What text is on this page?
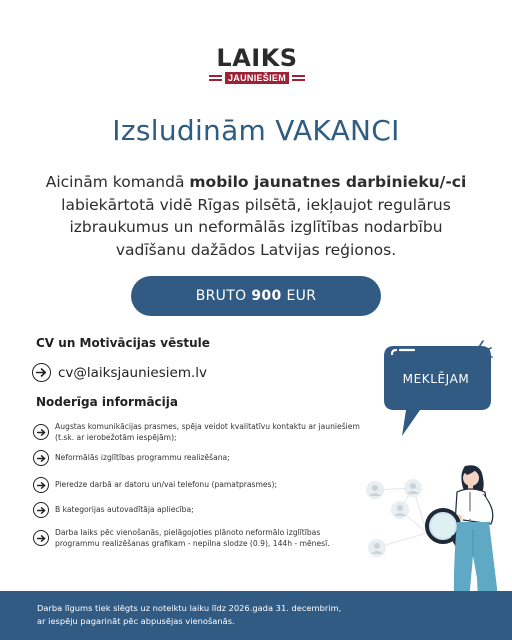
LAIKS
JAUNIEŠIEM
Izsludinām VAKANCI
Aicinām komandā mobilo jaunatnes darbinieku/-ci labiekārtotā vidē Rīgas pilsētā, iekļaujot regulārus izbraukumus un neformālās izglītības nodarbību vadīšanu dažādos Latvijas reģionos.
BRUTO 900 EUR
CV un Motivācijas vēstule
cv@laiksjauniesiem.lv
Noderīga informācija
Augstas komunikācijas prasmes, spēja veidot kvalitatīvu kontaktu ar jauniešiem (t.sk. ar ierobežotām iespējām);
Neformālās izglītības programmu realizēšana;
Pieredze darbā ar datoru un/vai telefonu (pamatprasmes);
B kategorijas autovadītāja apliecība;
Darba laiks pēc vienošanās, pielāgojoties plānoto neformālo izglītības programmu realizēšanas grafikam - nepilna slodze (0.9), 144h - mēnesī.
MEKLĒJAM
Darba līgums tiek slēgts uz noteiktu laiku līdz 2026.gada 31. decembrim,
ar iespēju pagarināt pēc abpusējas vienošanās.
